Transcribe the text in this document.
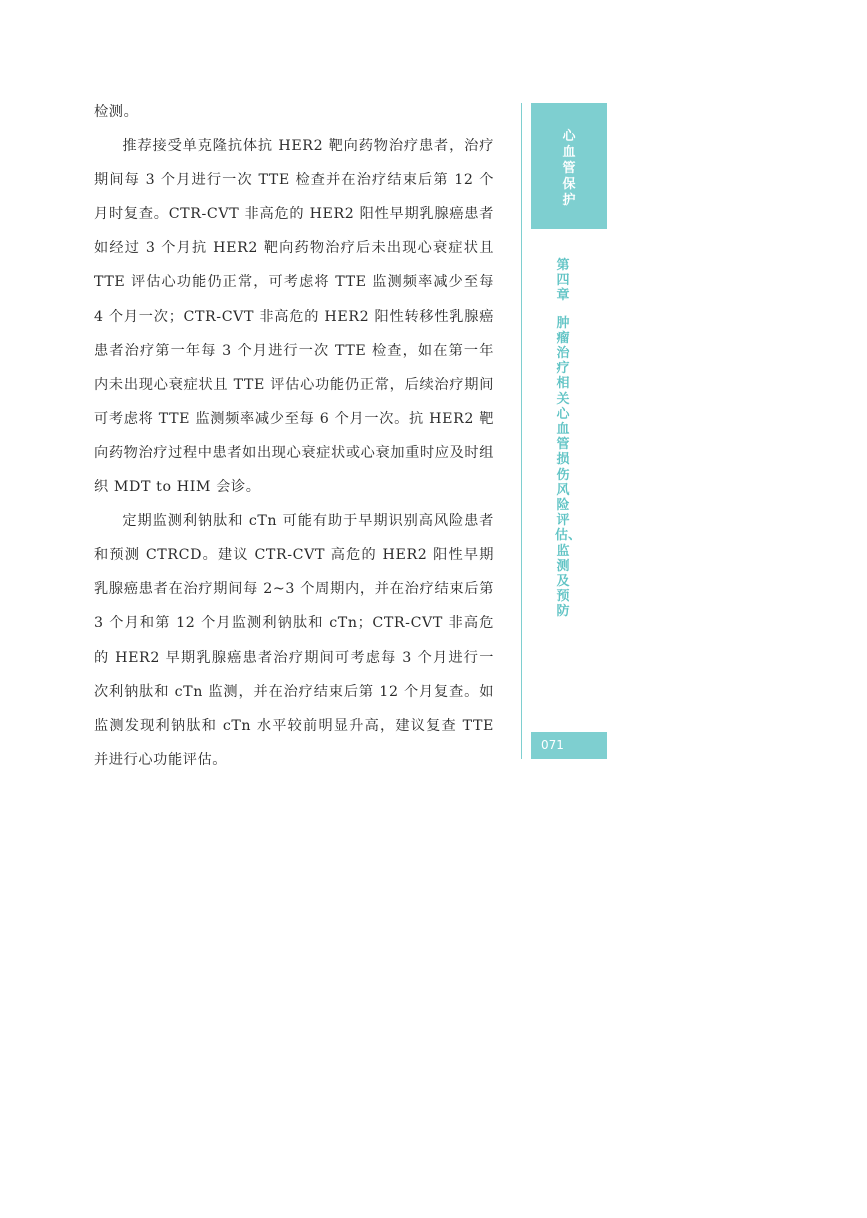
检测。

推荐接受单克隆抗体抗 HER2 靶向药物治疗患者，治疗期间每 3 个月进行一次 TTE 检查并在治疗结束后第 12 个月时复查。CTR-CVT 非高危的 HER2 阳性早期乳腺癌患者如经过 3 个月抗 HER2 靶向药物治疗后未出现心衰症状且 TTE 评估心功能仍正常，可考虑将 TTE 监测频率减少至每 4 个月一次；CTR-CVT 非高危的 HER2 阳性转移性乳腺癌患者治疗第一年每 3 个月进行一次 TTE 检查，如在第一年内未出现心衰症状且 TTE 评估心功能仍正常，后续治疗期间可考虑将 TTE 监测频率减少至每 6 个月一次。抗 HER2 靶向药物治疗过程中患者如出现心衰症状或心衰加重时应及时组织 MDT to HIM 会诊。

定期监测利钠肽和 cTn 可能有助于早期识别高风险患者和预测 CTRCD。建议 CTR-CVT 高危的 HER2 阳性早期乳腺癌患者在治疗期间每 2~3 个周期内，并在治疗结束后第 3 个月和第 12 个月监测利钠肽和 cTn；CTR-CVT 非高危的 HER2 早期乳腺癌患者治疗期间可考虑每 3 个月进行一次利钠肽和 cTn 监测，并在治疗结束后第 12 个月复查。如监测发现利钠肽和 cTn 水平较前明显升高，建议复查 TTE 并进行心功能评估。

心血管保护
第四章
肿瘤治疗相关心血管损伤风险评估、监测及预防
071
